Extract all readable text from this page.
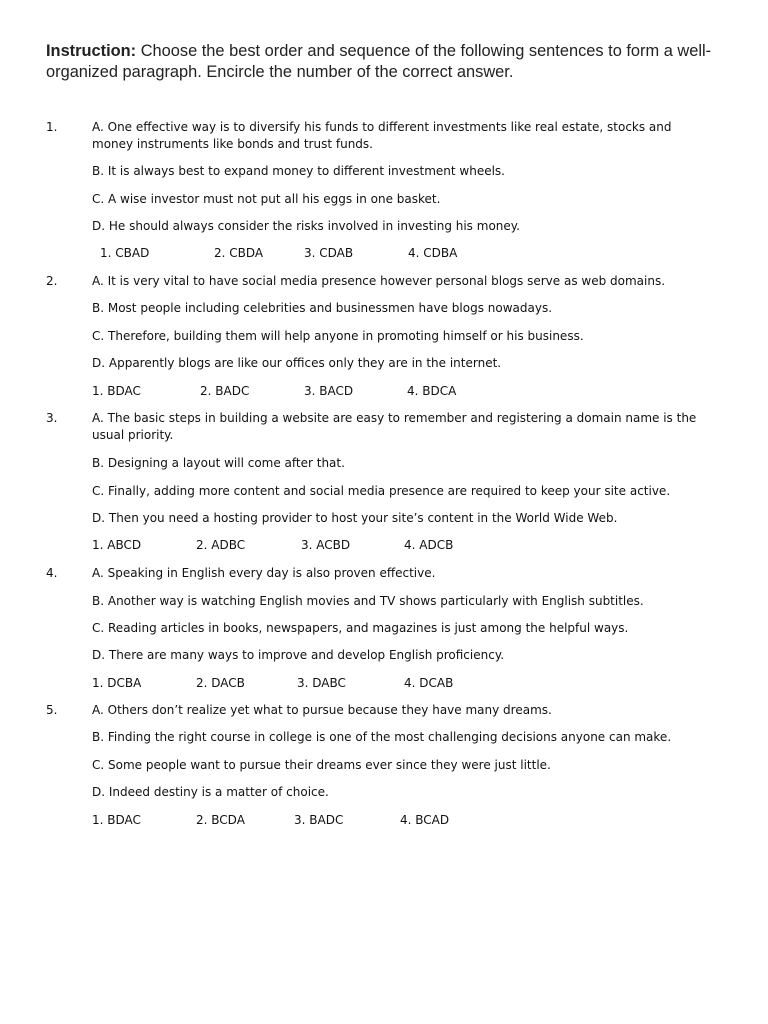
Instruction: Choose the best order and sequence of the following sentences to form a well-organized paragraph. Encircle the number of the correct answer.
1.	A. One effective way is to diversify his funds to different investments like real estate, stocks and money instruments like bonds and trust funds.
B. It is always best to expand money to different investment wheels.
C. A wise investor must not put all his eggs in one basket.
D. He should always consider the risks involved in investing his money.
1. CBAD	2. CBDA	3. CDAB	4. CDBA
2.	A. It is very vital to have social media presence however personal blogs serve as web domains.
B. Most people including celebrities and businessmen have blogs nowadays.
C. Therefore, building them will help anyone in promoting himself or his business.
D. Apparently blogs are like our offices only they are in the internet.
1. BDAC	2. BADC	3. BACD	4. BDCA
3.	A. The basic steps in building a website are easy to remember and registering a domain name is the usual priority.
B. Designing a layout will come after that.
C. Finally, adding more content and social media presence are required to keep your site active.
D. Then you need a hosting provider to host your site’s content in the World Wide Web.
1. ABCD	2. ADBC	3. ACBD	4. ADCB
4.	A. Speaking in English every day is also proven effective.
B. Another way is watching English movies and TV shows particularly with English subtitles.
C. Reading articles in books, newspapers, and magazines is just among the helpful ways.
D. There are many ways to improve and develop English proficiency.
1. DCBA	2. DACB	3. DABC	4. DCAB
5.	A. Others don’t realize yet what to pursue because they have many dreams.
B. Finding the right course in college is one of the most challenging decisions anyone can make.
C. Some people want to pursue their dreams ever since they were just little.
D. Indeed destiny is a matter of choice.
1. BDAC	2. BCDA	3. BADC	4. BCAD
